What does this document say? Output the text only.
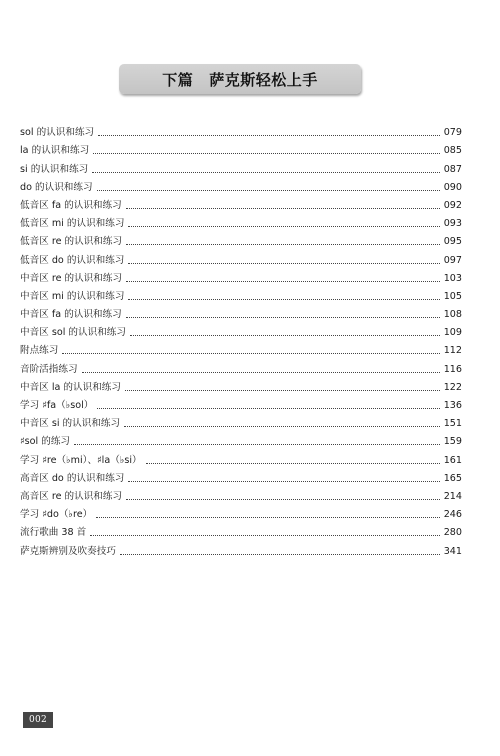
下篇 萨克斯轻松上手
sol 的认识和练习	079
la 的认识和练习	085
si 的认识和练习	087
do 的认识和练习	090
低音区 fa 的认识和练习	092
低音区 mi 的认识和练习	093
低音区 re 的认识和练习	095
低音区 do 的认识和练习	097
中音区 re 的认识和练习	103
中音区 mi 的认识和练习	105
中音区 fa 的认识和练习	108
中音区 sol 的认识和练习	109
附点练习	112
音阶活指练习	116
中音区 la 的认识和练习	122
学习 ♯fa（♭sol）	136
中音区 si 的认识和练习	151
♯sol 的练习	159
学习 ♯re（♭mi）、♯la（♭si）	161
高音区 do 的认识和练习	165
高音区 re 的认识和练习	214
学习 ♯do（♭re）	246
流行歌曲 38 首	280
萨克斯辨别及吹奏技巧	341
002
